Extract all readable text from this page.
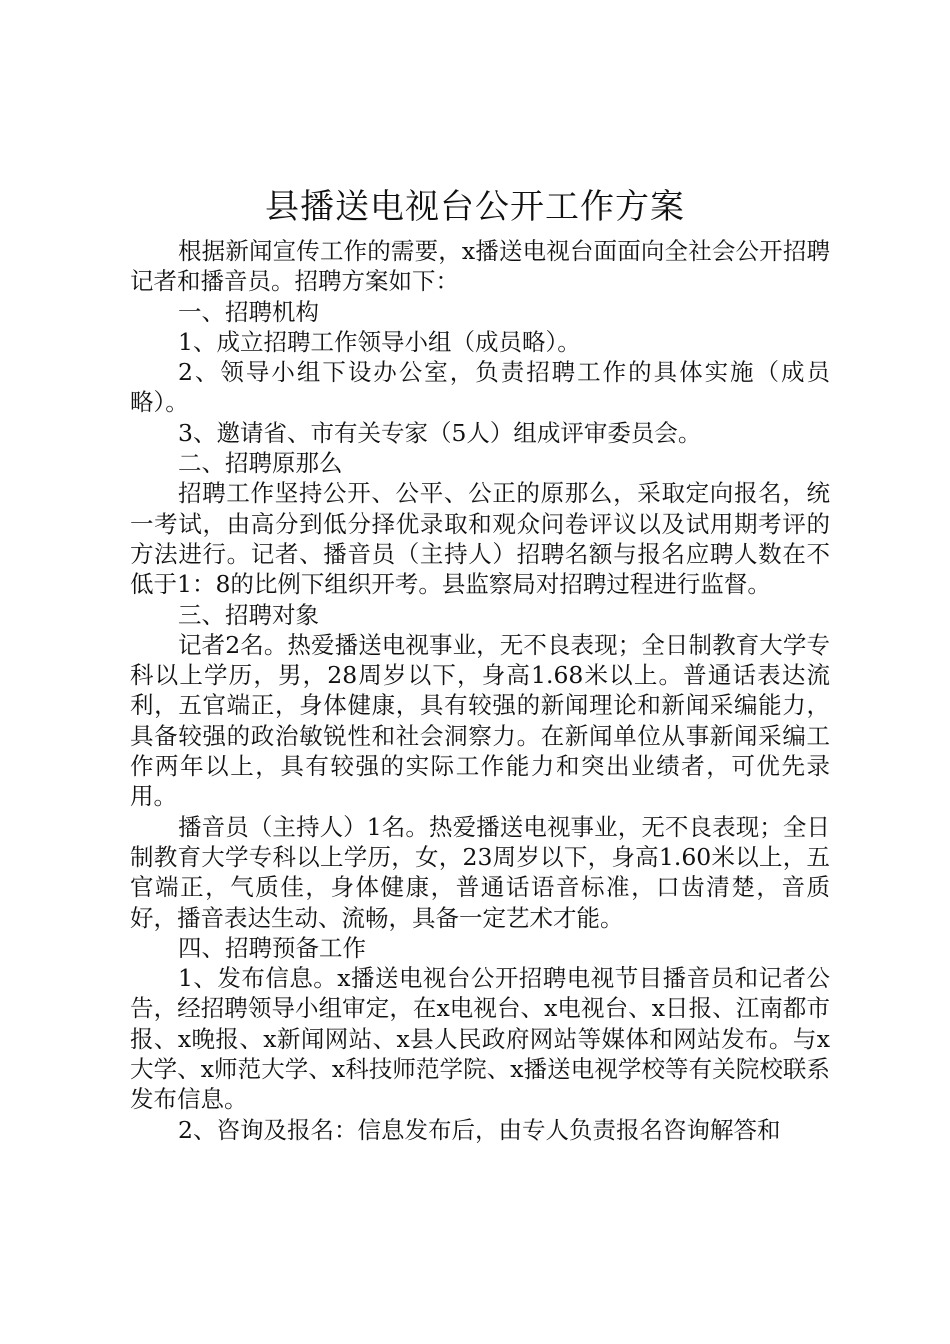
县播送电视台公开工作方案

根据新闻宣传工作的需要，x播送电视台面面向全社会公开招聘记者和播音员。招聘方案如下：

一、招聘机构

1、成立招聘工作领导小组（成员略）。

2、领导小组下设办公室，负责招聘工作的具体实施（成员略）。

3、邀请省、市有关专家（5人）组成评审委员会。

二、招聘原那么

招聘工作坚持公开、公平、公正的原那么，采取定向报名，统一考试，由高分到低分择优录取和观众问卷评议以及试用期考评的方法进行。记者、播音员（主持人）招聘名额与报名应聘人数在不低于1：8的比例下组织开考。县监察局对招聘过程进行监督。

三、招聘对象

记者2名。热爱播送电视事业，无不良表现；全日制教育大学专科以上学历，男，28周岁以下，身高1.68米以上。普通话表达流利，五官端正，身体健康，具有较强的新闻理论和新闻采编能力，具备较强的政治敏锐性和社会洞察力。在新闻单位从事新闻采编工作两年以上，具有较强的实际工作能力和突出业绩者，可优先录用。

播音员（主持人）1名。热爱播送电视事业，无不良表现；全日制教育大学专科以上学历，女，23周岁以下，身高1.60米以上，五官端正，气质佳，身体健康，普通话语音标准，口齿清楚，音质好，播音表达生动、流畅，具备一定艺术才能。

四、招聘预备工作

1、发布信息。x播送电视台公开招聘电视节目播音员和记者公告，经招聘领导小组审定，在x电视台、x电视台、x日报、江南都市报、x晚报、x新闻网站、x县人民政府网站等媒体和网站发布。与x大学、x师范大学、x科技师范学院、x播送电视学校等有关院校联系发布信息。

2、咨询及报名：信息发布后，由专人负责报名咨询解答和
